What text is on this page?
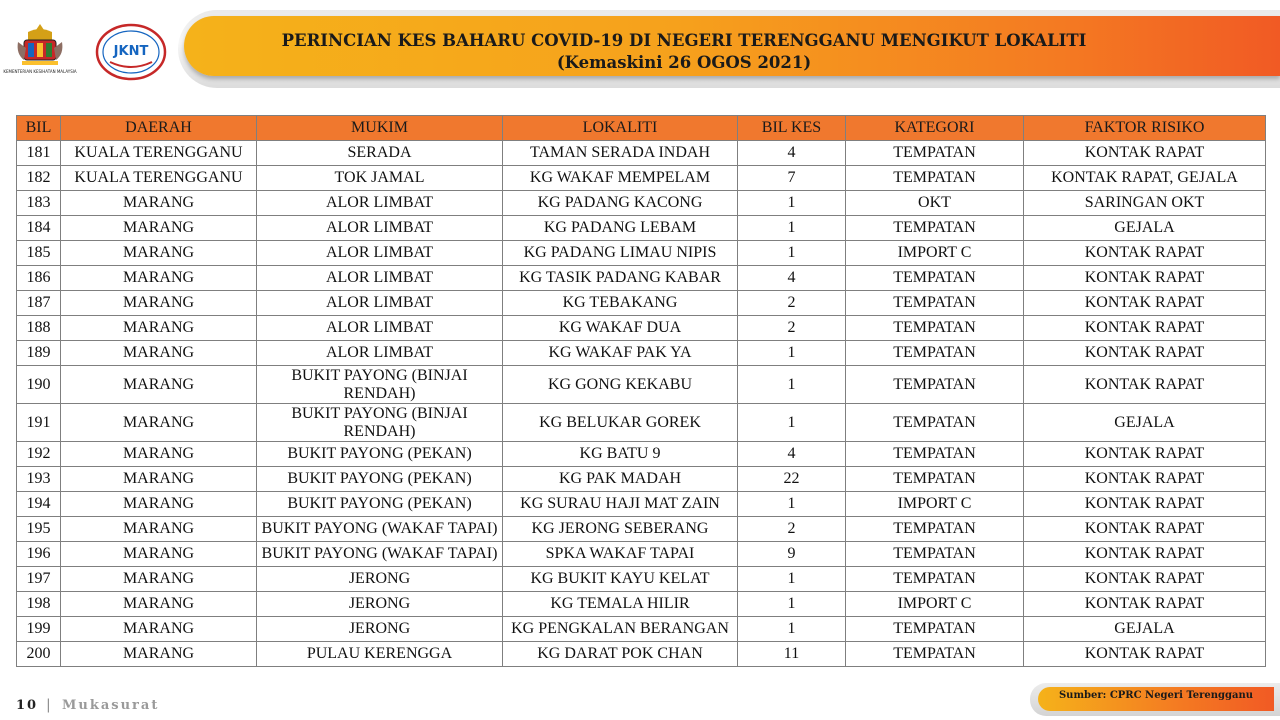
KEMENTERIAN KESIHATAN MALAYSIA
JKNT
PERINCIAN KES BAHARU COVID-19 DI NEGERI TERENGGANU MENGIKUT LOKALITI
(Kemaskini 26 OGOS 2021)
BIL	DAERAH	MUKIM	LOKALITI	BIL KES	KATEGORI	FAKTOR RISIKO
181	KUALA TERENGGANU	SERADA	TAMAN SERADA INDAH	4	TEMPATAN	KONTAK RAPAT
182	KUALA TERENGGANU	TOK JAMAL	KG WAKAF MEMPELAM	7	TEMPATAN	KONTAK RAPAT, GEJALA
183	MARANG	ALOR LIMBAT	KG PADANG KACONG	1	OKT	SARINGAN OKT
184	MARANG	ALOR LIMBAT	KG PADANG LEBAM	1	TEMPATAN	GEJALA
185	MARANG	ALOR LIMBAT	KG PADANG LIMAU NIPIS	1	IMPORT C	KONTAK RAPAT
186	MARANG	ALOR LIMBAT	KG TASIK PADANG KABAR	4	TEMPATAN	KONTAK RAPAT
187	MARANG	ALOR LIMBAT	KG TEBAKANG	2	TEMPATAN	KONTAK RAPAT
188	MARANG	ALOR LIMBAT	KG WAKAF DUA	2	TEMPATAN	KONTAK RAPAT
189	MARANG	ALOR LIMBAT	KG WAKAF PAK YA	1	TEMPATAN	KONTAK RAPAT
190	MARANG	BUKIT PAYONG (BINJAI RENDAH)	KG GONG KEKABU	1	TEMPATAN	KONTAK RAPAT
191	MARANG	BUKIT PAYONG (BINJAI RENDAH)	KG BELUKAR GOREK	1	TEMPATAN	GEJALA
192	MARANG	BUKIT PAYONG (PEKAN)	KG BATU 9	4	TEMPATAN	KONTAK RAPAT
193	MARANG	BUKIT PAYONG (PEKAN)	KG PAK MADAH	22	TEMPATAN	KONTAK RAPAT
194	MARANG	BUKIT PAYONG (PEKAN)	KG SURAU HAJI MAT ZAIN	1	IMPORT C	KONTAK RAPAT
195	MARANG	BUKIT PAYONG (WAKAF TAPAI)	KG JERONG SEBERANG	2	TEMPATAN	KONTAK RAPAT
196	MARANG	BUKIT PAYONG (WAKAF TAPAI)	SPKA WAKAF TAPAI	9	TEMPATAN	KONTAK RAPAT
197	MARANG	JERONG	KG BUKIT KAYU KELAT	1	TEMPATAN	KONTAK RAPAT
198	MARANG	JERONG	KG TEMALA HILIR	1	IMPORT C	KONTAK RAPAT
199	MARANG	JERONG	KG PENGKALAN BERANGAN	1	TEMPATAN	GEJALA
200	MARANG	PULAU KERENGGA	KG DARAT POK CHAN	11	TEMPATAN	KONTAK RAPAT
10 | Mukasurat
Sumber: CPRC Negeri Terengganu
